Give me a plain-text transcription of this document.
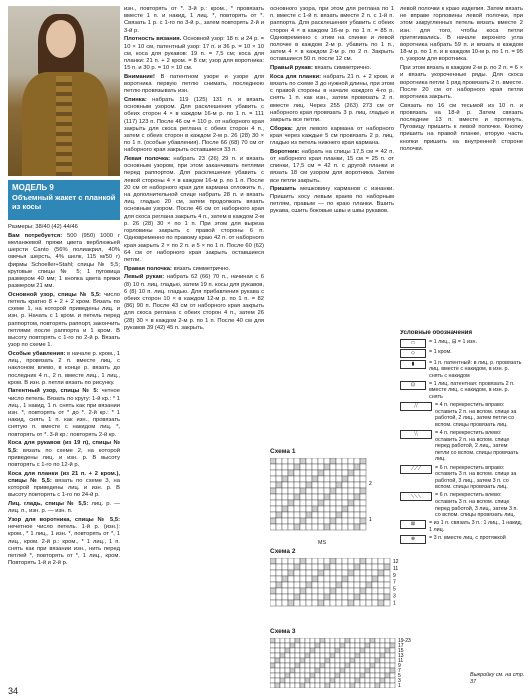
МОДЕЛЬ 9
Объемный жакет с планкой из косы
Размеры: 38/40 (42) 44/46
Вам потребуется: 500 (950) 1000 г меланжевой пряжи цвета верблюжьей шерсти Canto (56% полиакрил, 40% овечья шерсть, 4% шелк, 115 м/50 г) фирмы Schoeller+Stahl; спицы № 5,5; круговые спицы № 5; 1 пуговица размером 40 мм; 1 кнопка цвета пряжи размером 21 мм.
Основной узор, спицы № 5,5: число петель кратно 8 + 2 + 2 кром. Вязать по схеме 1, на которой приведены лиц. и изн. р. Начать с 1 кром. и петель перед раппортом, повторять раппорт, закончить петлями после раппорта и 1 кром. В высоту повторять с 1-го по 2-й р. Вязать узор по схеме 1.
Особые убавления: в начале р. кром., 1 лиц., провязать 2 п. вместе лиц. с наклоном влево, в конце р. вязать до последних 4 п., 2 п. вместе лиц., 1 лиц., кром. В изн. р. петли вязать по рисунку.
Патентный узор, спицы № 5: четное число петель. Вязать по кругу: 1-й кр.: * 1 лиц., 1 накид, 1 п. снять как при вязании изн. *, повторять от * до *. 2-й кр.: * 1 накид, снять 1 п. как изн., провязать снятую п. вместе с накидом лиц. *, повторять от *. 3-й кр.: повторять 2-й кр.
Коса для рукавов (из 19 п), спицы № 5,5: вязать по схеме 2, на которой приведены лиц. и изн. р. В высоту повторять с 1-го по 12-й р.
Коса для планки (из 21 п. + 2 кром.), спицы № 5,5: вязать по схеме 3, на которой приведены лиц. и изн. р. В высоту повторять с 1-го по 24-й р.
Лиц. гладь, спицы № 5,5: лиц. р. — лиц. п., изн. р. — изн. п.
Узор для воротника, спицы № 5,5: нечетное число петель. 1-й р. (изн.): кром., * 1 лиц., 1 изн. *, повторять от *, 1 лиц., кром. 2-й р.: кром., * 1 лиц., 1 п. снять как при вязании изн., нить перед петлей *, повторять от *, 1 лиц., кром. Повторять 1-й и 2-й р.
изн., повторять от *. 3-й р.: кром., * провязать вместе 1 п. и накид, 1 лиц. *, повторять от *. Связать 1 р. с 1-го по 3-й р., затем повторять 2-й и 3-й р.
Плотность вязания. Основной узор: 18 п. и 24 р. = 10 × 10 см, патентный узор: 17 п. и 36 р. = 10 × 10 см, коса для рукавов: 19 п. = 7,5 см; коса для планки: 21 п. + 2 кром. = 8 см; узор для воротника: 15 п. и 30 р. = 10 × 10 см.
Внимание! В патентном узоре и узоре для воротника первую петлю снимать, последнюю петлю провязывать изн.
Спинка: набрать 119 (125) 131 п. и вязать основным узором. Для расклешения убавить с обеих сторон 4 × в каждом 16-м р. по 1 п. = 111 (117) 123 п. После 46 см = 110 р. от наборного края закрыть для скоса реглана с обеих сторон 4 п., затем с обеих сторон в каждом 2-м р. 26 (28) 30 × по 1 п. (особые убавления). После 66 (68) 70 см от наборного края закрыть оставшиеся 33 п.
Левая полочка: набрать 23 (26) 29 п. и вязать основным узором, при этом заканчивать петлями перед раппортом. Для расклешения убавить с левой стороны 4 × в каждом 16-м р. по 1 п. После 20 см от наборного края для кармана отложить п., на дополнительной спице набрать 28 п. и вязать лиц. гладью 20 см, затем продолжать вязать основным узором. После 46 см от наборного края для скоса реглана закрыть 4 п., затем в каждом 2-м р. 26 (28) 30 × по 1 п. При этом для выреза горловины закрыть с правой стороны 6 п. Одновременно по правому краю 42 п. от наборного края закрыть 2 × по 2 п. и 5 × по 1 п. После 60 (62) 64 см от наборного края закрыть оставшиеся петли.
Правая полочка: вязать симметрично.
Левый рукав: набрать 62 (66) 70 п., начиная с 6 (8) 10 п. лиц. гладью, затем 19 п. косы для рукавов, 6 (8) 10 п. лиц. гладью. Для прибавления рукава с обеих сторон 10 × в каждом 12-м р. по 1 п. = 82 (86) 90 п. После 43 см от наборного края закрыть для скоса реглана с обеих сторон 4 п., затем 26 (28) 30 × в каждом 2-м р. по 1 п. После 40 см для рукавов 39 (42) 45 п. закрыть.
основного узора, при этом для реглана по 1 п. вместе с 1-й п. вязать вместе 2 п. с 1-й п. раппорта. Для расклешения убавить с обеих сторон 4 × в каждом 16-м р. по 1 п. = 85 п. Одновременно с этим на спинке и левой полочке в каждом 2-м р. убавить по 1 п., затем 4 × в каждом 2-м р. по 2 п. Закрыть оставшиеся 50 п. после 12 см.
Правый рукав: вязать симметрично.
Коса для планки: набрать 21 п. + 2 кром. и вязать по схеме 3 до нужной длины, при этом с правой стороны в начале каждого 4-го р. снять 1 п. как изн., затем провязать 2 п. вместе лиц. Через 255 (263) 273 см от наборного края провязать 3 р. лиц. гладью и закрыть все петли.
Сборка: для левого кармана от наборного края через каждые 5 см провязать 2 р. лиц. гладью из петель нижнего края кармана.
Воротник: набрать на спицы 17,5 см = 42 п. от наборного края планки, 15 см = 25 п. от спинки, 17,5 см = 42 п. с другой планки и вязать 18 см узором для воротника. Затем все петли закрыть.
Пришить мешковину карманов с изнанки. Пришить косу левым краем по наборным петлям, правым — по краю планки. Вшить рукава, сшить боковые швы и швы рукавов.
левой полочки к краю изделия. Затем вязать не вправе горловины левой полочки, при этом закругленных петель вязать вместе 2 изн. для того, чтобы коса петли притягивались. В начале верхнего угла воротника набрать 59 п. и вязать в каждом 18-м р. по 1 п. и в каждом 10-м р. по 1 п. = 95 п. узором для воротника.
При этом вязать в каждом 2-м р. по 2 п. = 6 × и вязать укороченные ряды. Для скоса воротника петли 1 ряд провязать 2 п. вместе. После 20 см от наборного края петли воротника закрыть.
Связать по 16 см тесьмой из 10 п. и провязать на 18-й р. Затем связать последние 13 п. вместе и протянуть. Пуговицу пришить к левой полочке. Кнопку пришить на правой планке, вторую часть кнопки пришить на внутренней стороне полочки.
Схема 1
2
1
MS
Схема 2
12
11
9
7
5
3
1
Схема 3
19-23
17
15
13
11
9
7
5
3
1
Условные обозначения
□	= 1 лиц., ⊟ = 1 изн.
◇	= 1 кром.
▮	= 1 п. патентный: в лиц. р. провязать лиц. вместе с накидом, в изн. р. снять с накидом
⊡	= 1 лиц. патентная: провязать 2 п. вместе лиц. с накидом, в изн. р. снять
⧸⧸	= 4 п. перекрестить вправо: оставить 2 п. на вспом. спице за работой, 2 лиц., затем петли со вспом. спицы провязать лиц.
⧹⧹	= 4 п. перекрестить влево: оставить 2 п. на вспом. спице перед работой, 2 лиц., затем петли со вспом. спицы провязать лиц.
⟋⟋⟋	= 6 п. перекрестить вправо: оставить 3 п. на вспом. спице за работой, 3 лиц., затем 3 п. со вспом. спицы провязать лиц.
⟍⟍⟍	= 6 п. перекрестить влево: оставить 3 п. на вспом. спице перед работой, 3 лиц., затем 3 п. со вспом. спицы провязать лиц.
⊠	= из 1 п. связать 3 п.: 1 лиц., 1 накид, 1 лиц.
⊗	= 3 п. вместе лиц. с протяжкой
Выкройку см. на стр. 37
34
